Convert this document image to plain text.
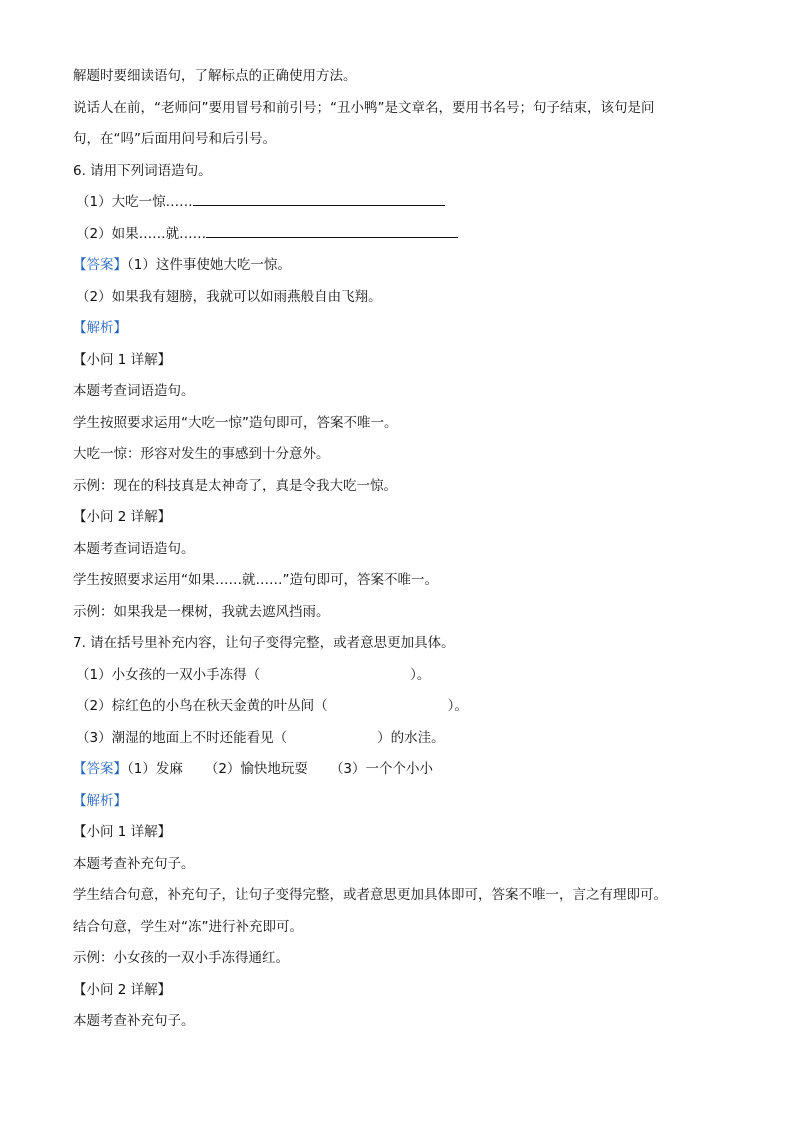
解题时要细读语句，了解标点的正确使用方法。
说话人在前，“老师问”要用冒号和前引号；“丑小鸭”是文章名，要用书名号；句子结束，该句是问
句，在“吗”后面用问号和后引号。
6. 请用下列词语造句。
（1）大吃一惊……
（2）如果……就……
【答案】（1）这件事使她大吃一惊。
（2）如果我有翅膀，我就可以如雨燕般自由飞翔。
【解析】
【小问 1 详解】
本题考查词语造句。
学生按照要求运用“大吃一惊”造句即可，答案不唯一。
大吃一惊：形容对发生的事感到十分意外。
示例：现在的科技真是太神奇了，真是令我大吃一惊。
【小问 2 详解】
本题考查词语造句。
学生按照要求运用“如果……就……”造句即可，答案不唯一。
示例：如果我是一棵树，我就去遮风挡雨。
7. 请在括号里补充内容，让句子变得完整，或者意思更加具体。
（1）小女孩的一双小手冻得（	）。
（2）棕红色的小鸟在秋天金黄的叶丛间（	）。
（3）潮湿的地面上不时还能看见（	）的水洼。
【答案】（1）发麻 （2）愉快地玩耍 （3）一个个小小
【解析】
【小问 1 详解】
本题考查补充句子。
学生结合句意，补充句子，让句子变得完整，或者意思更加具体即可，答案不唯一，言之有理即可。
结合句意，学生对“冻”进行补充即可。
示例：小女孩的一双小手冻得通红。
【小问 2 详解】
本题考查补充句子。
